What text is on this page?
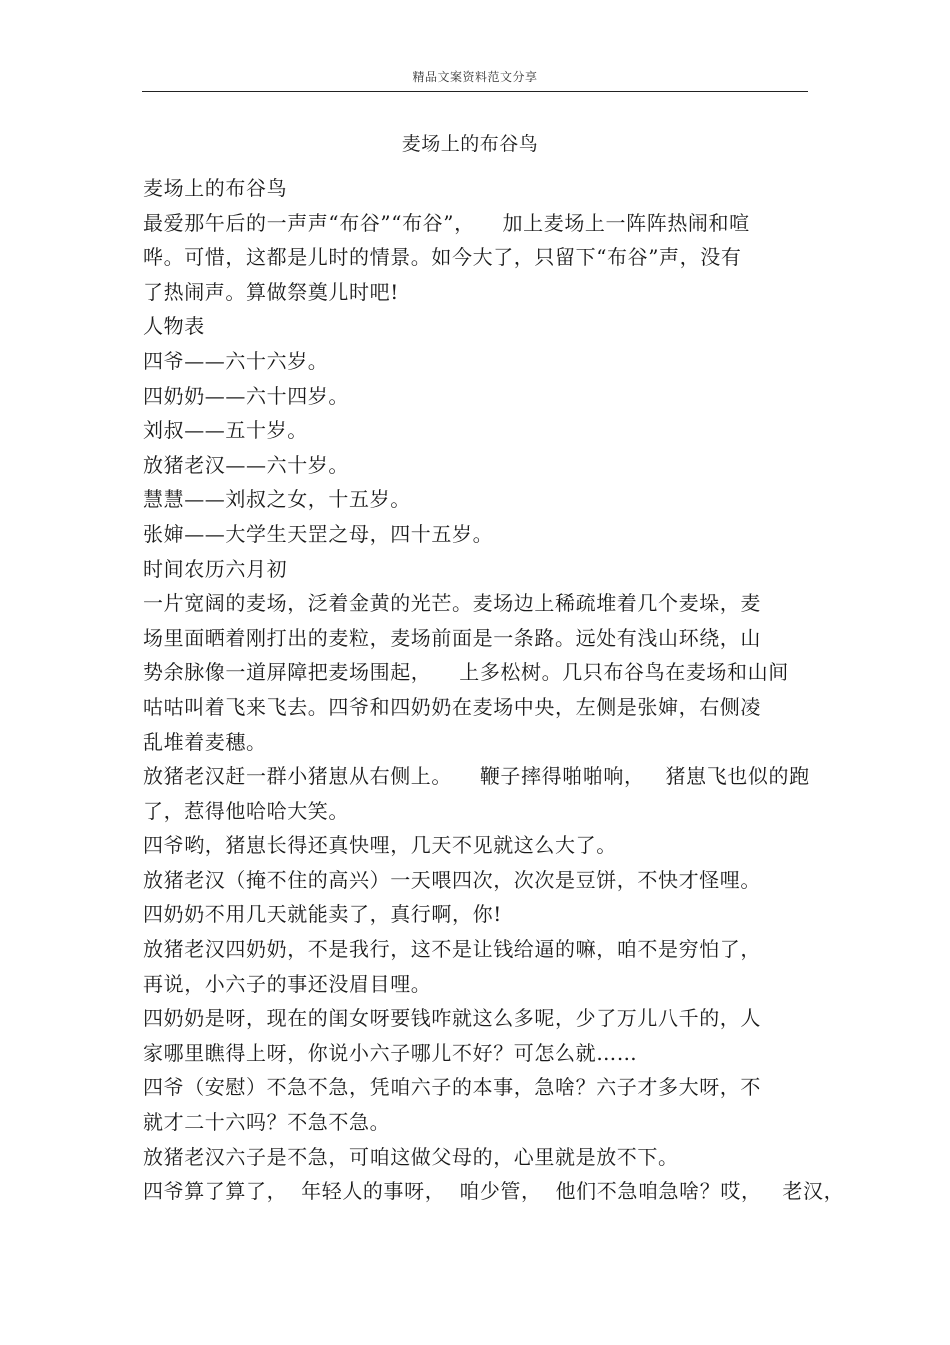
精品文案资料范文分享
麦场上的布谷鸟
麦场上的布谷鸟
最爱那午后的一声声“布谷”“布谷”，    加上麦场上一阵阵热闹和喧
哗。可惜，这都是儿时的情景。如今大了，只留下“布谷”声，没有
了热闹声。算做祭奠儿时吧!
人物表
四爷——六十六岁。
四奶奶——六十四岁。
刘叔——五十岁。
放猪老汉——六十岁。
慧慧——刘叔之女，十五岁。
张婶——大学生天罡之母，四十五岁。
时间农历六月初
一片宽阔的麦场，泛着金黄的光芒。麦场边上稀疏堆着几个麦垛，麦
场里面晒着刚打出的麦粒，麦场前面是一条路。远处有浅山环绕，山
势余脉像一道屏障把麦场围起，    上多松树。几只布谷鸟在麦场和山间
咕咕叫着飞来飞去。四爷和四奶奶在麦场中央，左侧是张婶，右侧凌
乱堆着麦穗。
放猪老汉赶一群小猪崽从右侧上。    鞭子摔得啪啪响，   猪崽飞也似的跑
了，惹得他哈哈大笑。
四爷哟，猪崽长得还真快哩，几天不见就这么大了。
放猪老汉（掩不住的高兴）一天喂四次，次次是豆饼，不快才怪哩。
四奶奶不用几天就能卖了，真行啊，你!
放猪老汉四奶奶，不是我行，这不是让钱给逼的嘛，咱不是穷怕了，
再说，小六子的事还没眉目哩。
四奶奶是呀，现在的闺女呀要钱咋就这么多呢，少了万儿八千的，人
家哪里瞧得上呀，你说小六子哪儿不好？可怎么就……
四爷（安慰）不急不急，凭咱六子的本事，急啥？六子才多大呀，不
就才二十六吗？不急不急。
放猪老汉六子是不急，可咱这做父母的，心里就是放不下。
四爷算了算了，  年轻人的事呀，  咱少管，  他们不急咱急啥？哎，   老汉，
